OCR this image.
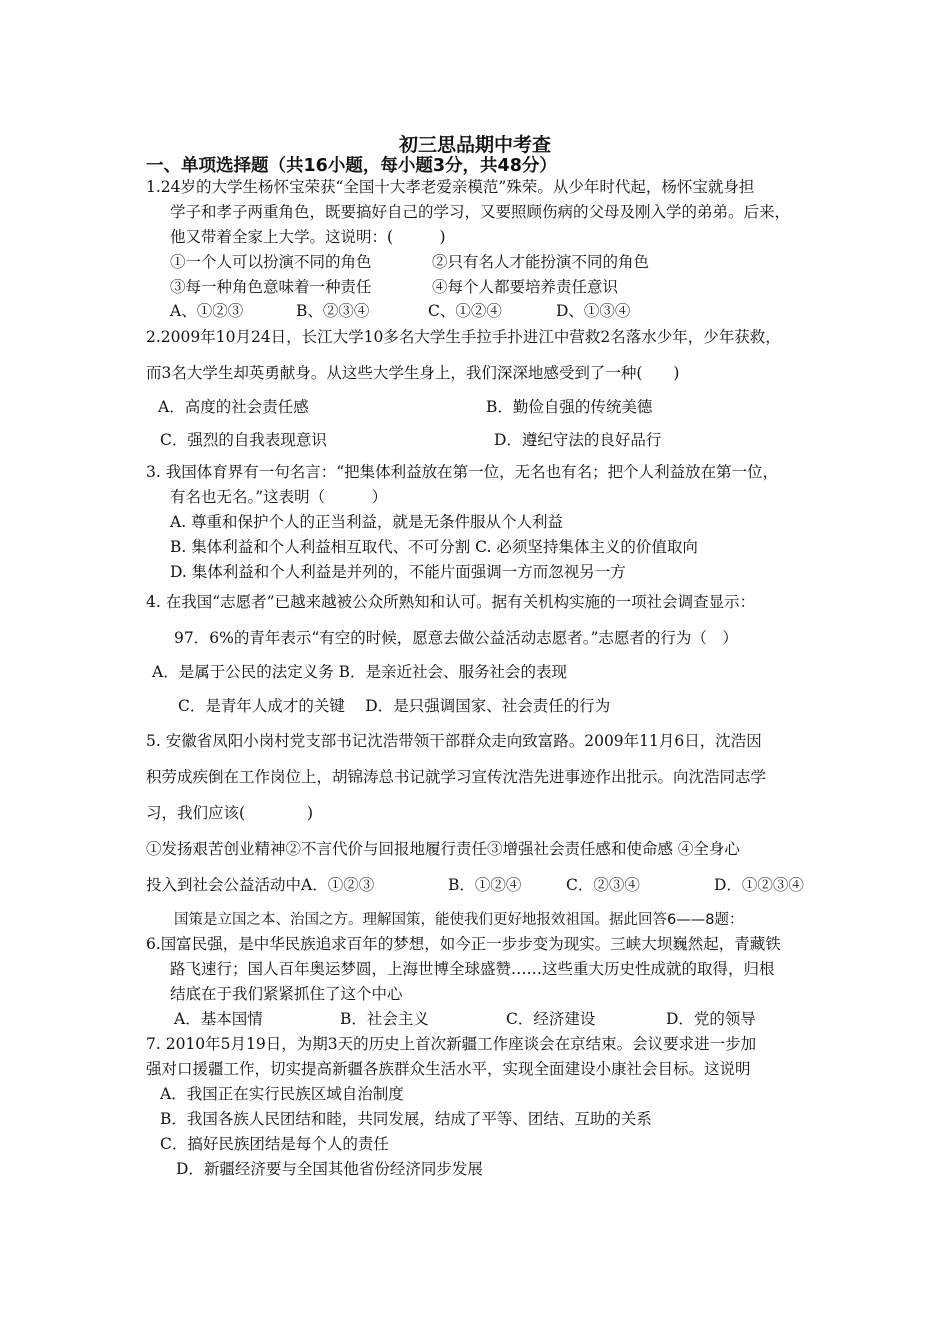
初三思品期中考查
一、单项选择题（共16小题，每小题3分，共48分）
1.24岁的大学生杨怀宝荣获“全国十大孝老爱亲模范”殊荣。从少年时代起，杨怀宝就身担
学子和孝子两重角色，既要搞好自己的学习，又要照顾伤病的父母及刚入学的弟弟。后来，
他又带着全家上大学。这说明：(　　　)
①一个人可以扮演不同的角色	②只有名人才能扮演不同的角色
③每一种角色意味着一种责任	④每个人都要培养责任意识
A、①②③	B、②③④	C、①②④	D、①③④
2.2009年10月24日，长江大学10多名大学生手拉手扑进江中营救2名落水少年，少年获救，
而3名大学生却英勇献身。从这些大学生身上，我们深深地感受到了一种(　　)
A．高度的社会责任感	B．勤俭自强的传统美德
C．强烈的自我表现意识	D．遵纪守法的良好品行
3. 我国体育界有一句名言：“把集体利益放在第一位，无名也有名；把个人利益放在第一位，
有名也无名。”这表明（　　　）
A. 尊重和保护个人的正当利益，就是无条件服从个人利益
B. 集体利益和个人利益相互取代、不可分割 C. 必须坚持集体主义的价值取向
D. 集体利益和个人利益是并列的，不能片面强调一方而忽视另一方
4. 在我国“志愿者”已越来越被公众所熟知和认可。据有关机构实施的一项社会调查显示：
97．6%的青年表示“有空的时候，愿意去做公益活动志愿者。”志愿者的行为（　）
A．是属于公民的法定义务 B．是亲近社会、服务社会的表现
C．是青年人成才的关键　 D．是只强调国家、社会责任的行为
5. 安徽省凤阳小岗村党支部书记沈浩带领干部群众走向致富路。2009年11月6日，沈浩因
积劳成疾倒在工作岗位上，胡锦涛总书记就学习宣传沈浩先进事迹作出批示。向沈浩同志学
习，我们应该(　　　　)
①发扬艰苦创业精神②不言代价与回报地履行责任③增强社会责任感和使命感 ④全身心
投入到社会公益活动中A．①②③	B．①②④	C．②③④	D．①②③④
国策是立国之本、治国之方。理解国策，能使我们更好地报效祖国。据此回答6——8题：
6.国富民强，是中华民族追求百年的梦想，如今正一步步变为现实。三峡大坝巍然起，青藏铁
路飞速行；国人百年奥运梦圆，上海世博全球盛赞……这些重大历史性成就的取得，归根
结底在于我们紧紧抓住了这个中心
A．基本国情	B．社会主义	C．经济建设	D．党的领导
7. 2010年5月19日，为期3天的历史上首次新疆工作座谈会在京结束。会议要求进一步加
强对口援疆工作，切实提高新疆各族群众生活水平，实现全面建设小康社会目标。这说明
A．我国正在实行民族区域自治制度
B．我国各族人民团结和睦，共同发展，结成了平等、团结、互助的关系
C．搞好民族团结是每个人的责任
D．新疆经济要与全国其他省份经济同步发展
